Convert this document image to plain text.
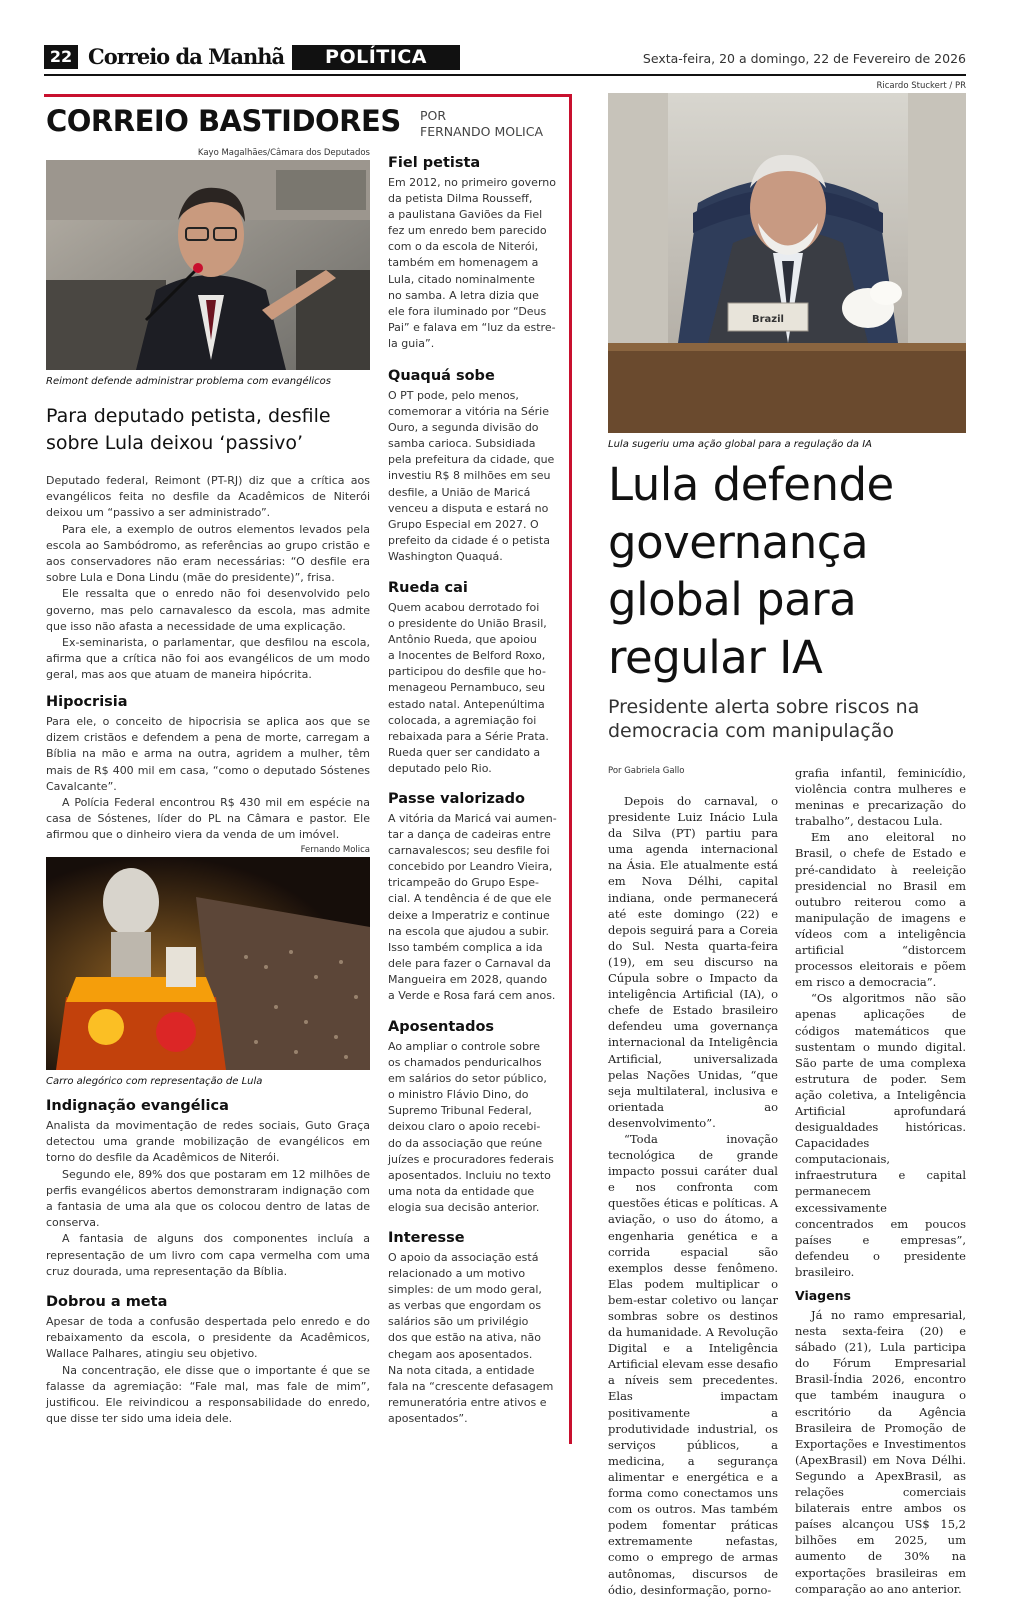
22 Correio da Manhã	POLÍTICA	Sexta-feira, 20 a domingo, 22 de Fevereiro de 2026
CORREIO BASTIDORES POR
FERNANDO MOLICA
Kayo Magalhães/Câmara dos Deputados
Reimont defende administrar problema com evangélicos
Para deputado petista, desfile sobre Lula deixou ‘passivo’

Deputado federal, Reimont (PT-RJ) diz que a crítica aos evangélicos feita no desfile da Acadêmicos de Niterói deixou um “passivo a ser administrado”.

Para ele, a exemplo de outros elementos levados pela escola ao Sambódromo, as referências ao grupo cristão e aos conservadores não eram necessárias: “O desfile era sobre Lula e Dona Lindu (mãe do presidente)”, frisa.

Ele ressalta que o enredo não foi desenvolvido pelo governo, mas pelo carnavalesco da escola, mas admite que isso não afasta a necessidade de uma explicação.

Ex-seminarista, o parlamentar, que desfilou na escola, afirma que a crítica não foi aos evangélicos de um modo geral, mas aos que atuam de maneira hipócrita.

Hipocrisia

Para ele, o conceito de hipocrisia se aplica aos que se dizem cristãos e defendem a pena de morte, carregam a Bíblia na mão e arma na outra, agridem a mulher, têm mais de R$ 400 mil em casa, “como o deputado Sóstenes Cavalcante”.

A Polícia Federal encontrou R$ 430 mil em espécie na casa de Sóstenes, líder do PL na Câmara e pastor. Ele afirmou que o dinheiro viera da venda de um imóvel.

Fernando Molica
Carro alegórico com representação de Lula
Indignação evangélica

Analista da movimentação de redes sociais, Guto Graça detectou uma grande mobilização de evangélicos em torno do desfile da Acadêmicos de Niterói.

Segundo ele, 89% dos que postaram em 12 milhões de perfis evangélicos abertos demonstraram indignação com a fantasia de uma ala que os colocou dentro de latas de conserva.

A fantasia de alguns dos componentes incluía a representação de um livro com capa vermelha com uma cruz dourada, uma representação da Bíblia.

Dobrou a meta

Apesar de toda a confusão despertada pelo enredo e do rebaixamento da escola, o presidente da Acadêmicos, Wallace Palhares, atingiu seu objetivo.

Na concentração, ele disse que o importante é que se falasse da agremiação: “Fale mal, mas fale de mim”, justificou. Ele reivindicou a responsabilidade do enredo, que disse ter sido uma ideia dele.

Fiel petista
Em 2012, no primeiro governo
da petista Dilma Rousseff,
a paulistana Gaviões da Fiel
fez um enredo bem parecido
com o da escola de Niterói,
também em homenagem a
Lula, citado nominalmente
no samba. A letra dizia que
ele fora iluminado por “Deus
Pai” e falava em “luz da estre-
la guia”.
Quaquá sobe
O PT pode, pelo menos,
comemorar a vitória na Série
Ouro, a segunda divisão do
samba carioca. Subsidiada
pela prefeitura da cidade, que
investiu R$ 8 milhões em seu
desfile, a União de Maricá
venceu a disputa e estará no
Grupo Especial em 2027. O
prefeito da cidade é o petista
Washington Quaquá.
Rueda cai
Quem acabou derrotado foi
o presidente do União Brasil,
Antônio Rueda, que apoiou
a Inocentes de Belford Roxo,
participou do desfile que ho-
menageou Pernambuco, seu
estado natal. Antepenúltima
colocada, a agremiação foi
rebaixada para a Série Prata.
Rueda quer ser candidato a
deputado pelo Rio.
Passe valorizado
A vitória da Maricá vai aumen-
tar a dança de cadeiras entre
carnavalescos; seu desfile foi
concebido por Leandro Vieira,
tricampeão do Grupo Espe-
cial. A tendência é de que ele
deixe a Imperatriz e continue
na escola que ajudou a subir.
Isso também complica a ida
dele para fazer o Carnaval da
Mangueira em 2028, quando
a Verde e Rosa fará cem anos.
Aposentados
Ao ampliar o controle sobre
os chamados penduricalhos
em salários do setor público,
o ministro Flávio Dino, do
Supremo Tribunal Federal,
deixou claro o apoio recebi-
do da associação que reúne
juízes e procuradores federais
aposentados. Incluiu no texto
uma nota da entidade que
elogia sua decisão anterior.
Interesse
O apoio da associação está
relacionado a um motivo
simples: de um modo geral,
as verbas que engordam os
salários são um privilégio
dos que estão na ativa, não
chegam aos aposentados.
Na nota citada, a entidade
fala na “crescente defasagem
remuneratória entre ativos e
aposentados”.
Ricardo Stuckert / PR
Brazil
Lula sugeriu uma ação global para a regulação da IA
Lula defende
governança
global para
regular IA
Presidente alerta sobre riscos na democracia com manipulação
Por Gabriela Gallo

Depois do carnaval, o presidente Luiz Inácio Lula da Silva (PT) partiu para uma agenda internacional na Ásia. Ele atualmente está em Nova Délhi, capital indiana, onde permanecerá até este domingo (22) e depois seguirá para a Coreia do Sul. Nesta quarta-feira (19), em seu discurso na Cúpula sobre o Impacto da inteligência Artificial (IA), o chefe de Estado brasileiro defendeu uma governança internacional da Inteligência Artificial, universalizada pelas Nações Unidas, “que seja multilateral, inclusiva e orientada ao desenvolvimento”.

“Toda inovação tecnológica de grande impacto possui caráter dual e nos confronta com questões éticas e políticas. A aviação, o uso do átomo, a engenharia genética e a corrida espacial são exemplos desse fenômeno. Elas podem multiplicar o bem-estar coletivo ou lançar sombras sobre os destinos da humanidade. A Revolução Digital e a Inteligência Artificial elevam esse desafio a níveis sem precedentes. Elas impactam positivamente a produtividade industrial, os serviços públicos, a medicina, a segurança alimentar e energética e a forma como conectamos uns com os outros. Mas também podem fomentar práticas extremamente nefastas, como o emprego de armas autônomas, discursos de ódio, desinformação, porno-

grafia infantil, feminicídio, violência contra mulheres e meninas e precarização do trabalho”, destacou Lula.

Em ano eleitoral no Brasil, o chefe de Estado e pré-candidato à reeleição presidencial no Brasil em outubro reiterou como a manipulação de imagens e vídeos com a inteligência artificial “distorcem processos eleitorais e põem em risco a democracia”.

“Os algoritmos não são apenas aplicações de códigos matemáticos que sustentam o mundo digital. São parte de uma complexa estrutura de poder. Sem ação coletiva, a Inteligência Artificial aprofundará desigualdades históricas. Capacidades computacionais, infraestrutura e capital permanecem excessivamente concentrados em poucos países e empresas”, defendeu o presidente brasileiro.

Viagens

Já no ramo empresarial, nesta sexta-feira (20) e sábado (21), Lula participa do Fórum Empresarial Brasil-Índia 2026, encontro que também inaugura o escritório da Agência Brasileira de Promoção de Exportações e Investimentos (ApexBrasil) em Nova Délhi. Segundo a ApexBrasil, as relações comerciais bilaterais entre ambos os países alcançou US$ 15,2 bilhões em 2025, um aumento de 30% na exportações brasileiras em comparação ao ano anterior.
